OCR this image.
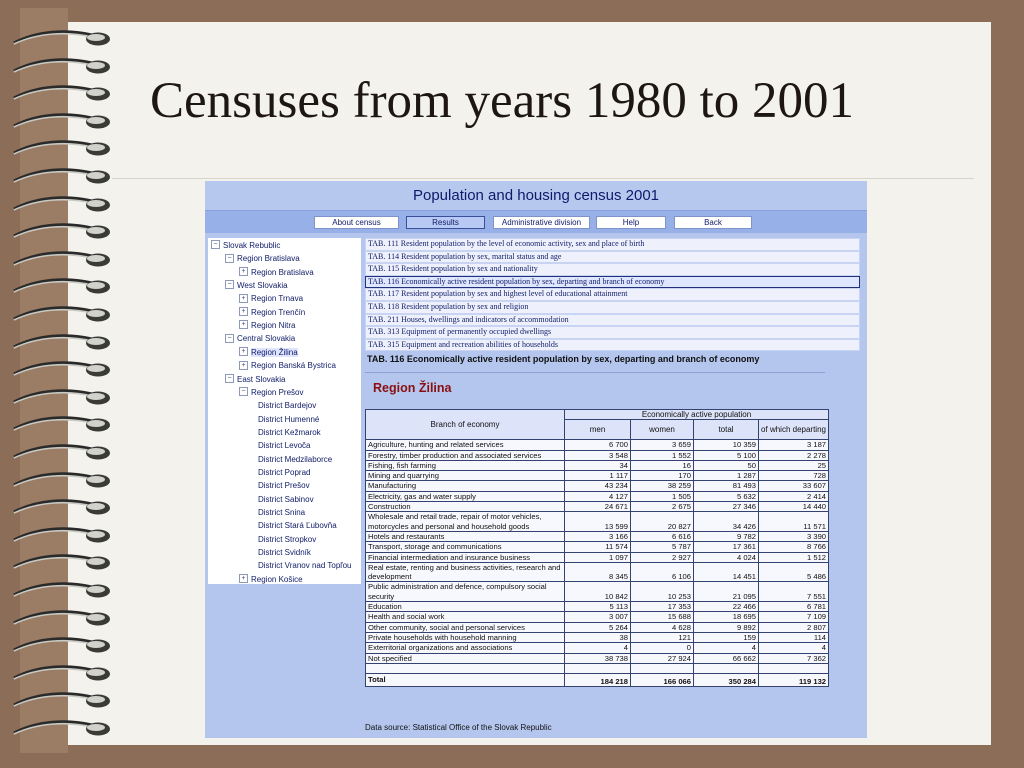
Censuses from years 1980 to 2001
Population and housing census 2001
About census	Results	Administrative division	Help	Back
− Slovak Rebublic
− Region Bratislava
+ Region Bratislava
− West Slovakia
+ Region Trnava
+ Region Trenčín
+ Region Nitra
− Central Slovakia
+ Region Žilina
+ Region Banská Bystrica
− East Slovakia
− Region Prešov
District Bardejov
District Humenné
District Kežmarok
District Levoča
District Medzilaborce
District Poprad
District Prešov
District Sabinov
District Snina
District Stará Ľubovňa
District Stropkov
District Svidník
District Vranov nad Topľou
+ Region Košice
TAB. 111 Resident population by the level of economic activity, sex and place of birth
TAB. 114 Resident population by sex, marital status and age
TAB. 115 Resident population by sex and nationality
TAB. 116 Economically active resident population by sex, departing and branch of economy
TAB. 117 Resident population by sex and highest level of educational attainment
TAB. 118 Resident population by sex and religion
TAB. 211 Houses, dwellings and indicators of accommodation
TAB. 313 Equipment of permanently occupied dwellings
TAB. 315 Equipment and recreation abilities of households
TAB. 116 Economically active resident population by sex, departing and branch of economy
Region Žilina
Branch of economy	Economically active population			
	men	women	total	of which departing
Agriculture, hunting and related services	6 700	3 659	10 359	3 187
Forestry, timber production and associated services	3 548	1 552	5 100	2 278
Fishing, fish farming	34	16	50	25
Mining and quarrying	1 117	170	1 287	728
Manufacturing	43 234	38 259	81 493	33 607
Electricity, gas and water supply	4 127	1 505	5 632	2 414
Construction	24 671	2 675	27 346	14 440
Wholesale and retail trade, repair of motor vehicles, motorcycles and personal and household goods	13 599	20 827	34 426	11 571
Hotels and restaurants	3 166	6 616	9 782	3 390
Transport, storage and communications	11 574	5 787	17 361	8 766
Financial intermediation and insurance business	1 097	2 927	4 024	1 512
Real estate, renting and business activities, research and development	8 345	6 106	14 451	5 486
Public administration and defence, compulsory social security	10 842	10 253	21 095	7 551
Education	5 113	17 353	22 466	6 781
Health and social work	3 007	15 688	18 695	7 109
Other community, social and personal services	5 264	4 628	9 892	2 807
Private households with household manning	38	121	159	114
Exterritorial organizations and associations	4	0	4	4
Not specified	38 738	27 924	66 662	7 362

Total	184 218	166 066	350 284	119 132
Data source: Statistical Office of the Slovak Republic
